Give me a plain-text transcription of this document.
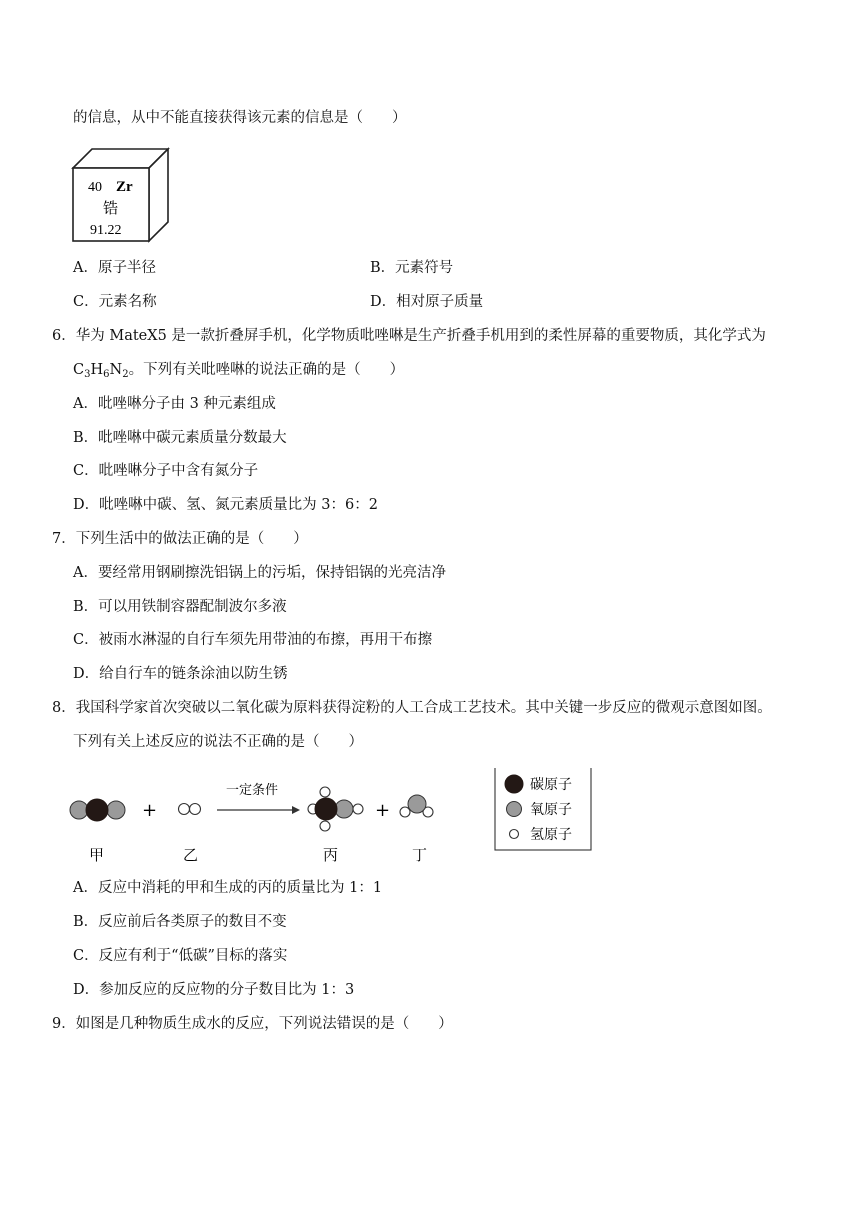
的信息，从中不能直接获得该元素的信息是（　　）
40 Zr
锆
91.22
A．原子半径	B．元素符号
C．元素名称	D．相对原子质量
6．华为 MateX5 是一款折叠屏手机，化学物质吡唑啉是生产折叠手机用到的柔性屏幕的重要物质，其化学式为
$C_3H_6N_2$。下列有关吡唑啉的说法正确的是（　　）
A．吡唑啉分子由 3 种元素组成
B．吡唑啉中碳元素质量分数最大
C．吡唑啉分子中含有氮分子
D．吡唑啉中碳、氢、氮元素质量比为 3：6：2
7．下列生活中的做法正确的是（　　）
A．要经常用钢刷擦洗铝锅上的污垢，保持铝锅的光亮洁净
B．可以用铁制容器配制波尔多液
C．被雨水淋湿的自行车须先用带油的布擦，再用干布擦
D．给自行车的链条涂油以防生锈
8．我国科学家首次突破以二氧化碳为原料获得淀粉的人工合成工艺技术。其中关键一步反应的微观示意图如图。
下列有关上述反应的说法不正确的是（　　）
+
一定条件
+
甲	乙	丙	丁
碳原子
氧原子
氢原子
A．反应中消耗的甲和生成的丙的质量比为 1：1
B．反应前后各类原子的数目不变
C．反应有利于“低碳”目标的落实
D．参加反应的反应物的分子数目比为 1：3
9．如图是几种物质生成水的反应，下列说法错误的是（　　）
